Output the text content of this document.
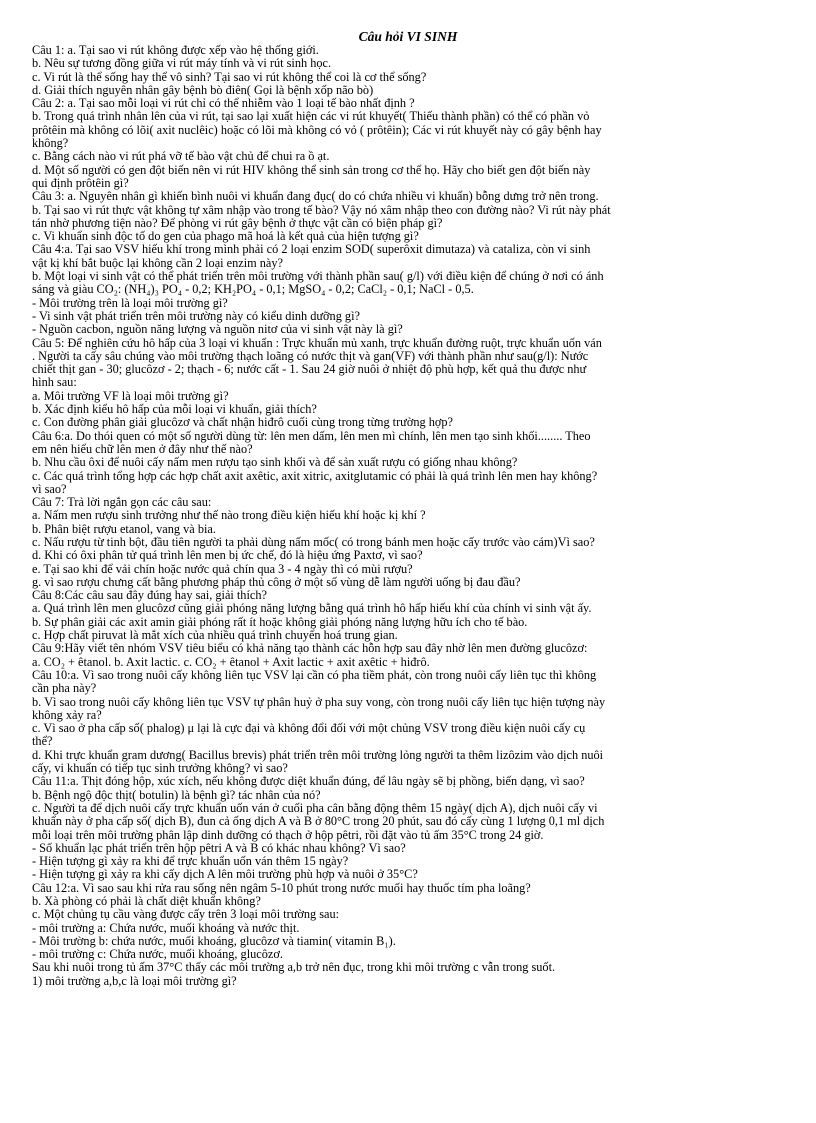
Câu hỏi VI SINH
Câu 1: a. Tại sao vi rút không được xếp vào hệ thống giới.
b. Nêu sự tương đồng giữa vi rút máy tính và vi rút sinh học.
c. Vi rút là thể sống hay thể vô sinh? Tại sao vi rút không thể coi là cơ thể sống?
d. Giải thích nguyên nhân gây bệnh bò điên( Gọi là bệnh xốp não bò)
Câu 2: a. Tại sao mỗi loại vi rút chỉ có thể nhiễm vào 1 loại tế bào nhất định ?
b. Trong quá trình nhân lên của vi rút, tại sao lại xuất hiện các vi rút khuyết( Thiếu thành phần) có thể có phần vỏ
prôtêin mà không có lõi( axit nuclêic) hoặc có lõi mà không có vỏ ( prôtêin); Các vi rút khuyết này có gây bệnh hay
không?
c. Bằng cách nào vi rút phá vỡ tế bào vật chủ để chui ra ồ ạt.
d. Một số người có gen đột biến nên vi rút HIV không thể sinh sản trong cơ thể họ. Hãy cho biết gen đột biến này
qui định prôtêin gì?
Câu 3: a. Nguyên nhân gì khiến bình nuôi vi khuẩn đang đục( do có chứa nhiều vi khuẩn) bỗng dưng trở nên trong.
b. Tại sao vi rút thực vật không tự xâm nhập vào trong tế bào? Vậy nó xâm nhập theo con đường nào? Vi rút này phát
tán nhờ phương tiện nào? Để phòng vi rút gây bệnh ở thực vật cần có biện pháp gì?
c. Vi khuẩn sinh độc tố do gen của phago mã hoá là kết quả của hiện tượng gì?
Câu 4:a. Tại sao VSV hiếu khí trong mình phải có 2 loại enzim SOD( superôxit dimutaza) và cataliza, còn vi sinh
vật kị khí bắt buộc lại không cần 2 loại enzim này?
b. Một loại vi sinh vật có thể phát triển trên môi trường với thành phần sau( g/l) với điều kiện để chúng ở nơi có ánh
sáng và giàu CO₂: (NH₄)₃ PO₄ - 0,2; KH₂PO₄ - 0,1; MgSO₄ - 0,2; CaCl₂ - 0,1; NaCl - 0,5.
- Môi trường trên là loại môi trường gì?
- Vi sinh vật phát triển trên môi trường này có kiểu dinh dưỡng gì?
- Nguồn cacbon, nguồn năng lượng và nguồn nitơ của vi sinh vật này là gì?
Câu 5: Để nghiên cứu hô hấp của 3 loại vi khuẩn : Trực khuẩn mủ xanh, trực khuẩn đường ruột, trực khuẩn uốn ván
. Người ta cấy sâu chúng vào môi trường thạch loãng có nước thịt và gan(VF) với thành phần như sau(g/l): Nước
chiết thịt gan - 30; glucôzơ - 2; thạch - 6; nước cất - 1. Sau 24 giờ nuôi ở nhiệt độ phù hợp, kết quả thu được như
hình sau:
a. Môi trường VF là loại môi trường gì?
b. Xác định kiểu hô hấp của mỗi loại vi khuẩn, giải thích?
c. Con đường phân giải glucôzơ và chất nhận hiđrô cuối cùng trong từng trường hợp?
Câu 6:a. Do thói quen có một số người dùng từ: lên men dấm, lên men mì chính, lên men tạo sinh khối........ Theo
em nên hiểu chữ lên men ở đây như thế nào?
b. Nhu cầu ôxi để nuôi cấy nấm men rượu tạo sinh khối và để sản xuất rượu có giống nhau không?
c. Các quá trình tổng hợp các hợp chất axit axêtic, axit xitric, axitglutamic có phải là quá trình lên men hay không?
vì sao?
Câu 7: Trả lời ngắn gọn các câu sau:
a. Nấm men rượu sinh trưởng như thế nào trong điều kiện hiếu khí hoặc kị khí ?
b. Phân biệt rượu etanol, vang và bia.
c. Nấu rượu từ tinh bột, đầu tiên người ta phải dùng nấm mốc( có trong bánh men hoặc cấy trước vào cám)Vì sao?
d. Khi có ôxi phân tử quá trình lên men bị ức chế, đó là hiệu ứng Paxtơ, vì sao?
e. Tại sao khi để vải chín hoặc nước quả chín qua 3 - 4 ngày thì có mùi rượu?
g. vì sao rượu chưng cất bằng phương pháp thủ công ở một số vùng dễ làm người uống bị đau đầu?
Câu 8:Các câu sau đây đúng hay sai, giải thích?
a. Quá trình lên men glucôzơ cũng giải phóng năng lượng bằng quá trình hô hấp hiếu khí của chính vi sinh vật ấy.
b. Sự phân giải các axit amin giải phóng rất ít hoặc không giải phóng năng lượng hữu ích cho tế bào.
c. Hợp chất piruvat là mắt xích của nhiều quá trình chuyển hoá trung gian.
Câu 9:Hãy viết tên nhóm VSV tiêu biểu có khả năng tạo thành các hỗn hợp sau đây nhờ lên men đường glucôzơ:
a. CO₂ + êtanol. b. Axit lactic. c. CO₂ + êtanol + Axit lactic + axit axêtic + hiđrô.
Câu 10:a. Vì sao trong nuôi cấy không liên tục VSV lại cần có pha tiềm phát, còn trong nuôi cấy liên tục thì không
cần pha này?
b. Vì sao trong nuôi cấy không liên tục VSV tự phân huỷ ở pha suy vong, còn trong nuôi cấy liên tục hiện tượng này
không xảy ra?
c. Vì sao ở pha cấp số( phalog) μ lại là cực đại và không đổi đối với một chủng VSV trong điều kiện nuôi cấy cụ
thể?
d. Khi trực khuẩn gram dương( Bacillus brevis) phát triển trên môi trường lỏng người ta thêm lizôzim vào dịch nuôi
cấy, vi khuẩn có tiếp tục sinh trưởng không? vì sao?
Câu 11:a. Thịt đóng hộp, xúc xích, nếu không được diệt khuẩn đúng, để lâu ngày sẽ bị phồng, biến dạng, vì sao?
b. Bệnh ngộ độc thịt( botulin) là bệnh gì? tác nhân của nó?
c. Người ta để dịch nuôi cấy trực khuẩn uốn ván ở cuối pha cân bằng động thêm 15 ngày( dịch A), dịch nuôi cấy vi
khuẩn này ở pha cấp số( dịch B), đun cả ống dịch A và B ở 80°C trong 20 phút, sau đó cấy cùng 1 lượng 0,1 ml dịch
mỗi loại trên môi trường phân lập dinh dưỡng có thạch ở hộp pêtri, rồi đặt vào tủ ấm 35°C trong 24 giờ.
- Số khuẩn lạc phát triển trên hộp pêtri A và B có khác nhau không? Vì sao?
- Hiện tượng gì xảy ra khi để trực khuẩn uốn ván thêm 15 ngày?
- Hiện tượng gì xảy ra khi cấy dịch A lên môi trường phù hợp và nuôi ở 35°C?
Câu 12:a. Vì sao sau khi rửa rau sống nên ngâm 5-10 phút trong nước muối hay thuốc tím pha loãng?
b. Xà phòng có phải là chất diệt khuẩn không?
c. Một chủng tụ cầu vàng được cấy trên 3 loại môi trường sau:
- môi trường a: Chứa nước, muối khoáng và nước thịt.
- Môi trường b: chứa nước, muối khoáng, glucôzơ và tiamin( vitamin B₁).
- môi trường c: Chứa nước, muối khoáng, glucôzơ.
Sau khi nuôi trong tủ ấm 37°C thấy các môi trường a,b trở nên đục, trong khi môi trường c vẫn trong suốt.
1) môi trường a,b,c là loại môi trường gì?
